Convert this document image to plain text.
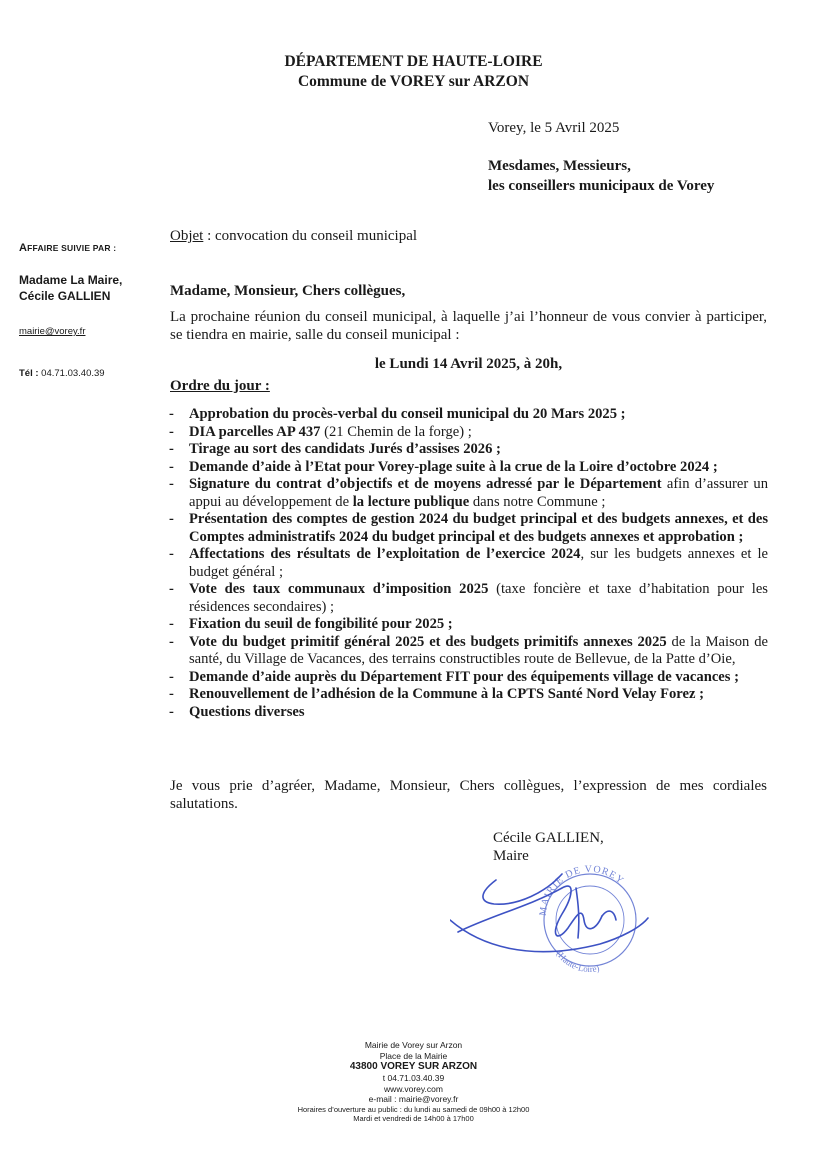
DÉPARTEMENT DE HAUTE-LOIRE
Commune de VOREY sur ARZON
Vorey, le 5 Avril 2025
Mesdames, Messieurs,
les conseillers municipaux de Vorey
AFFAIRE SUIVIE PAR :
Madame La Maire,
Cécile GALLIEN
mairie@vorey.fr
Tél : 04.71.03.40.39
Objet : convocation du conseil municipal
Madame, Monsieur, Chers collègues,
La prochaine réunion du conseil municipal, à laquelle j’ai l’honneur de vous convier à participer, se tiendra en mairie, salle du conseil municipal :
le Lundi 14 Avril 2025, à 20h,
Ordre du jour :
- Approbation du procès-verbal du conseil municipal du 20 Mars 2025 ;
- DIA parcelles AP 437 (21 Chemin de la forge) ;
- Tirage au sort des candidats Jurés d’assises 2026 ;
- Demande d’aide à l’Etat pour Vorey-plage suite à la crue de la Loire d’octobre 2024 ;
- Signature du contrat d’objectifs et de moyens adressé par le Département afin d’assurer un appui au développement de la lecture publique dans notre Commune ;
- Présentation des comptes de gestion 2024 du budget principal et des budgets annexes, et des Comptes administratifs 2024 du budget principal et des budgets annexes et approbation ;
- Affectations des résultats de l’exploitation de l’exercice 2024, sur les budgets annexes et le budget général ;
- Vote des taux communaux d’imposition 2025 (taxe foncière et taxe d’habitation pour les résidences secondaires) ;
- Fixation du seuil de fongibilité pour 2025 ;
- Vote du budget primitif général 2025 et des budgets primitifs annexes 2025 de la Maison de santé, du Village de Vacances, des terrains constructibles route de Bellevue, de la Patte d’Oie,
- Demande d’aide auprès du Département FIT pour des équipements village de vacances ;
- Renouvellement de l’adhésion de la Commune à la CPTS Santé Nord Velay Forez ;
- Questions diverses
Je vous prie d’agréer, Madame, Monsieur, Chers collègues, l’expression de mes cordiales salutations.
Cécile GALLIEN,
Maire
MAIRIE DE VOREY
(Haute-Loire)
Mairie de Vorey sur Arzon
Place de la Mairie
43800 VOREY SUR ARZON
t 04.71.03.40.39
www.vorey.com
e-mail : mairie@vorey.fr
Horaires d’ouverture au public : du lundi au samedi de 09h00 à 12h00
Mardi et vendredi de 14h00 à 17h00
